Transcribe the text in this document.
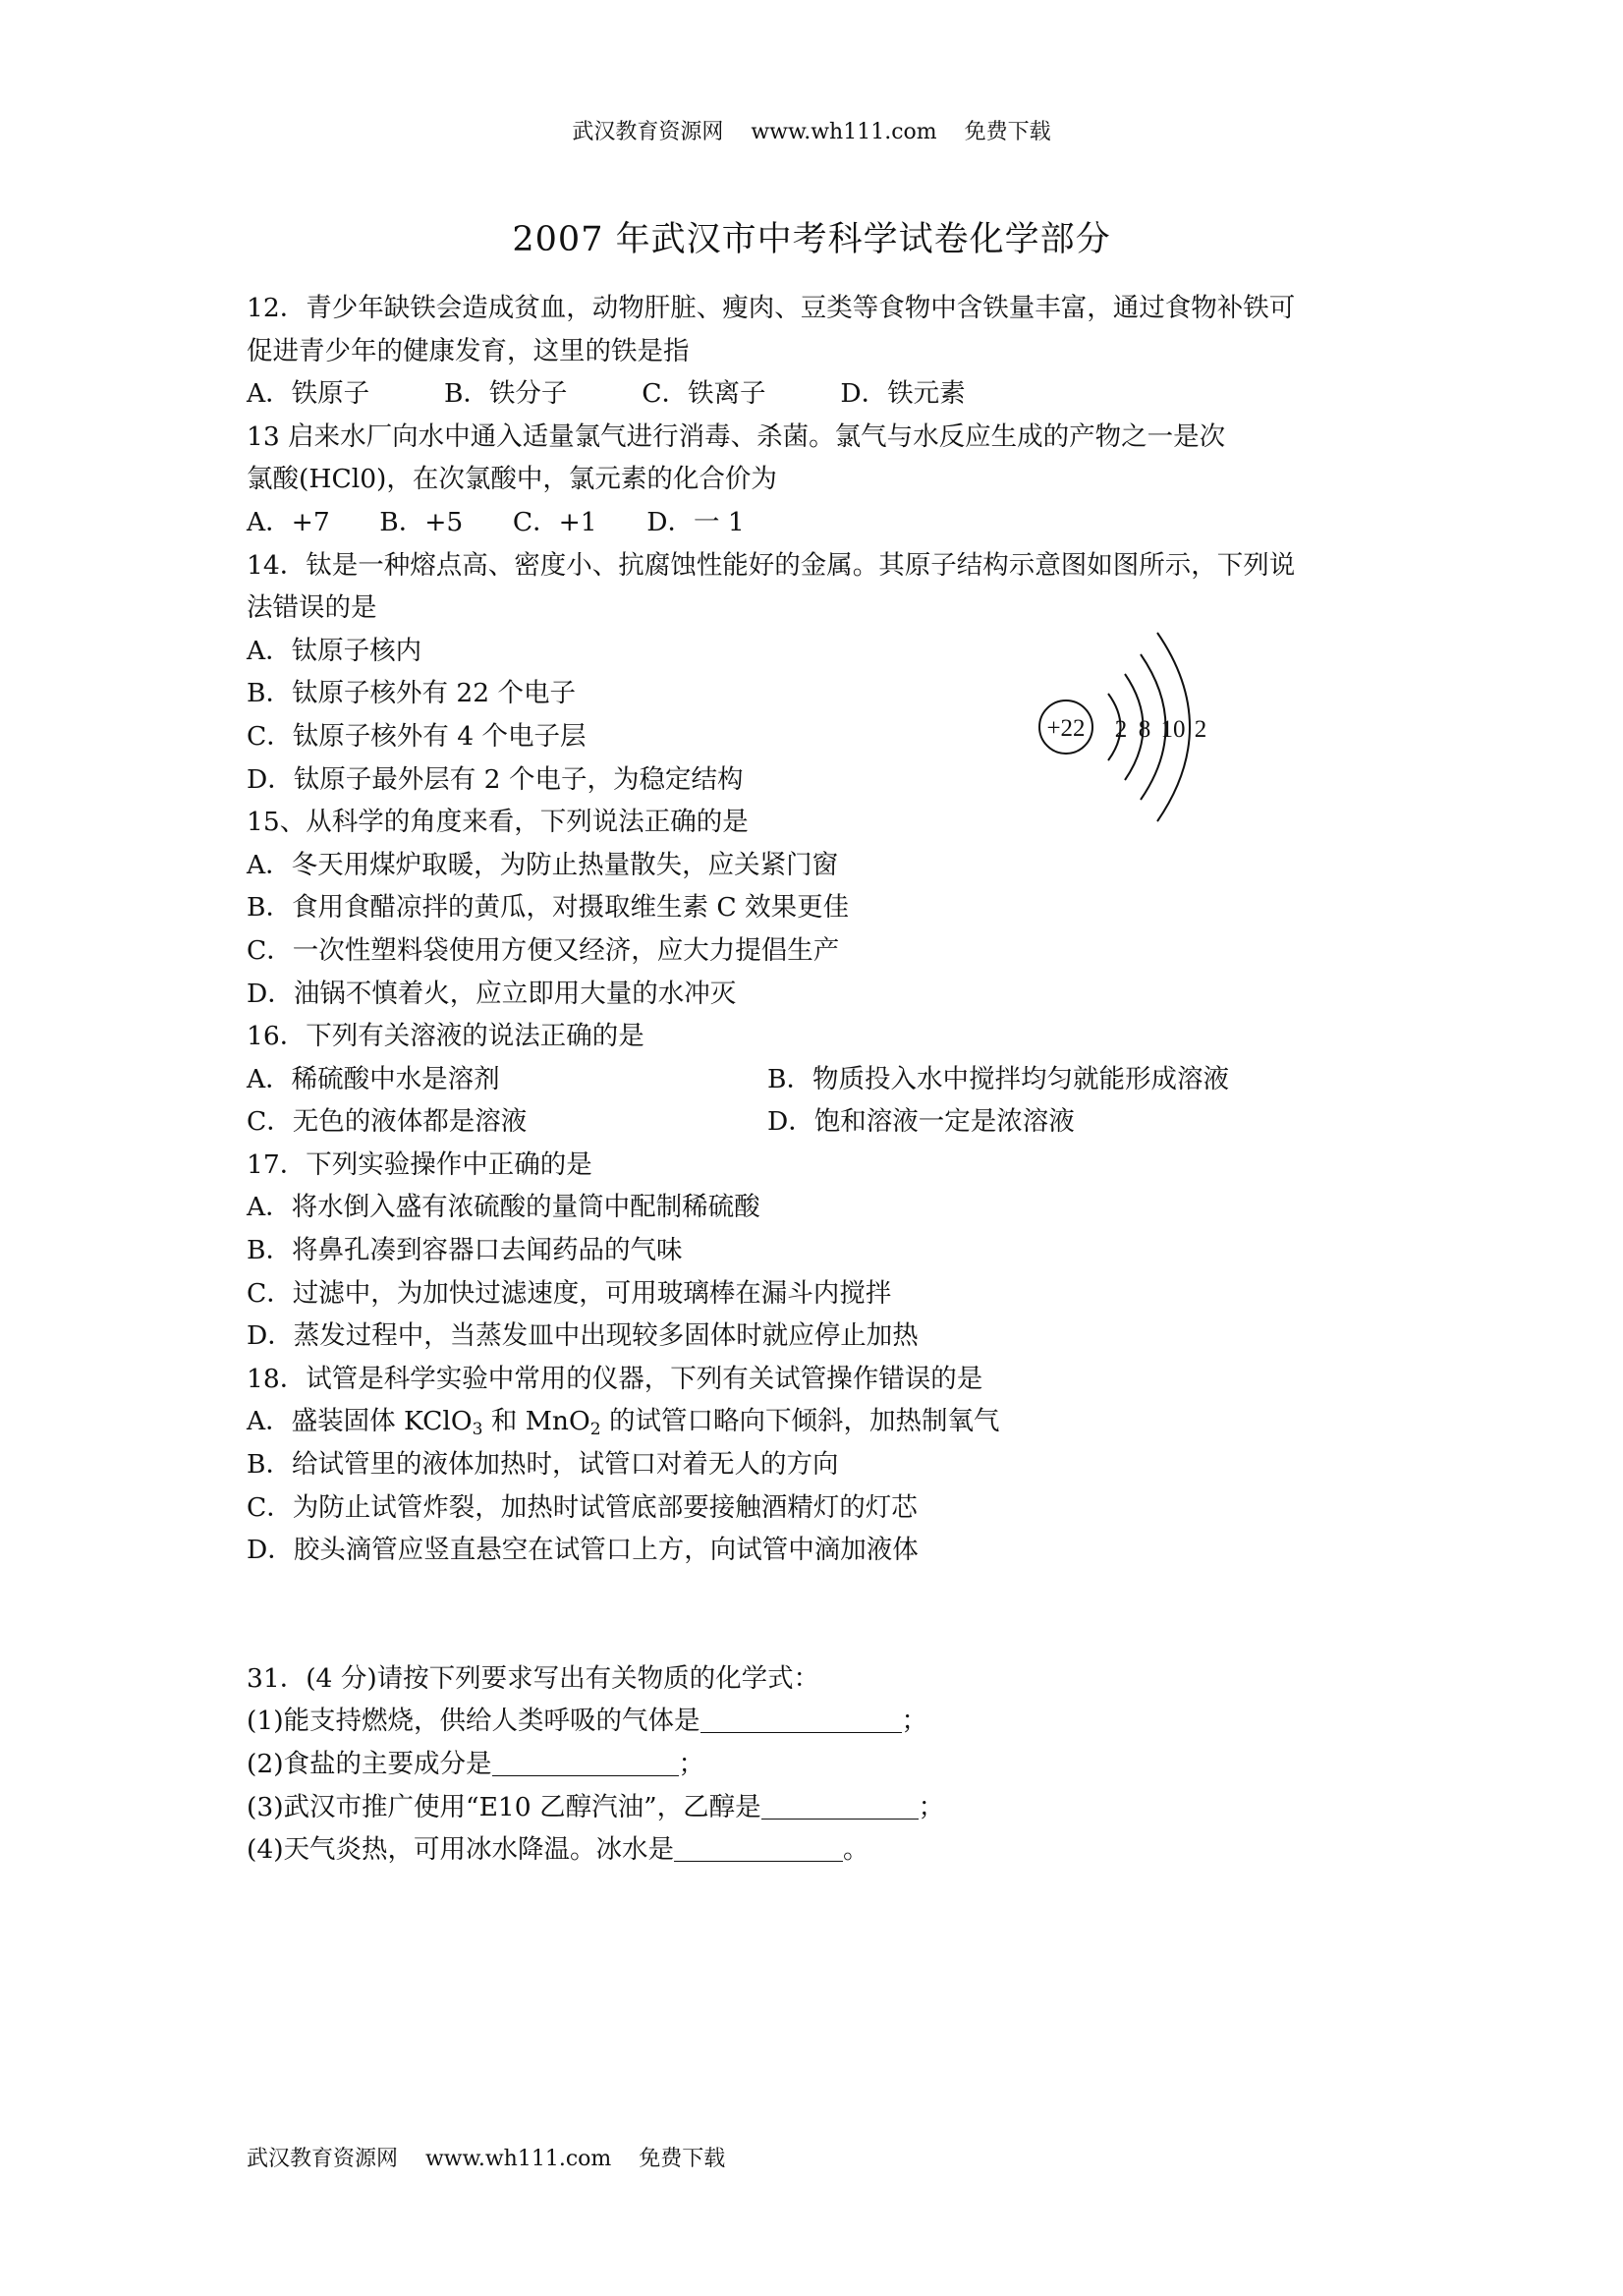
武汉教育资源网    www.wh111.com    免费下载
2007 年武汉市中考科学试卷化学部分
12．青少年缺铁会造成贫血，动物肝脏、瘦肉、豆类等食物中含铁量丰富，通过食物补铁可
促进青少年的健康发育，这里的铁是指
A．铁原子         B．铁分子         C．铁离子         D．铁元素
13 启来水厂向水中通入适量氯气进行消毒、杀菌。氯气与水反应生成的产物之一是次
氯酸(HCl0)，在次氯酸中，氯元素的化合价为
A．+7      B．+5      C．+1      D．一 1
14．钛是一种熔点高、密度小、抗腐蚀性能好的金属。其原子结构示意图如图所示，下列说
法错误的是
A．钛原子核内
B．钛原子核外有 22 个电子
C．钛原子核外有 4 个电子层
D．钛原子最外层有 2 个电子，为稳定结构
15、从科学的角度来看，下列说法正确的是
A．冬天用煤炉取暖，为防止热量散失，应关紧门窗
B．食用食醋凉拌的黄瓜，对摄取维生素 C 效果更佳
C．一次性塑料袋使用方便又经济，应大力提倡生产
D．油锅不慎着火，应立即用大量的水冲灭
16．下列有关溶液的说法正确的是
A．稀硫酸中水是溶剂	B．物质投入水中搅拌均匀就能形成溶液
C．无色的液体都是溶液	D．饱和溶液一定是浓溶液
17．下列实验操作中正确的是
A．将水倒入盛有浓硫酸的量筒中配制稀硫酸
B．将鼻孔凑到容器口去闻药品的气味
C．过滤中，为加快过滤速度，可用玻璃棒在漏斗内搅拌
D．蒸发过程中，当蒸发皿中出现较多固体时就应停止加热
18．试管是科学实验中常用的仪器，下列有关试管操作错误的是
A．盛装固体 KClO$_3$ 和 MnO$_2$ 的试管口略向下倾斜，加热制氧气
B．给试管里的液体加热时，试管口对着无人的方向
C．为防止试管炸裂，加热时试管底部要接触酒精灯的灯芯
D．胶头滴管应竖直悬空在试管口上方，向试管中滴加液体
31．(4 分)请按下列要求写出有关物质的化学式：
(1)能支持燃烧，供给人类呼吸的气体是	；
(2)食盐的主要成分是	；
(3)武汉市推广使用“E10 乙醇汽油”，乙醇是	；
(4)天气炎热，可用冰水降温。冰水是	。
+22 2 8 10 2
武汉教育资源网    www.wh111.com    免费下载
